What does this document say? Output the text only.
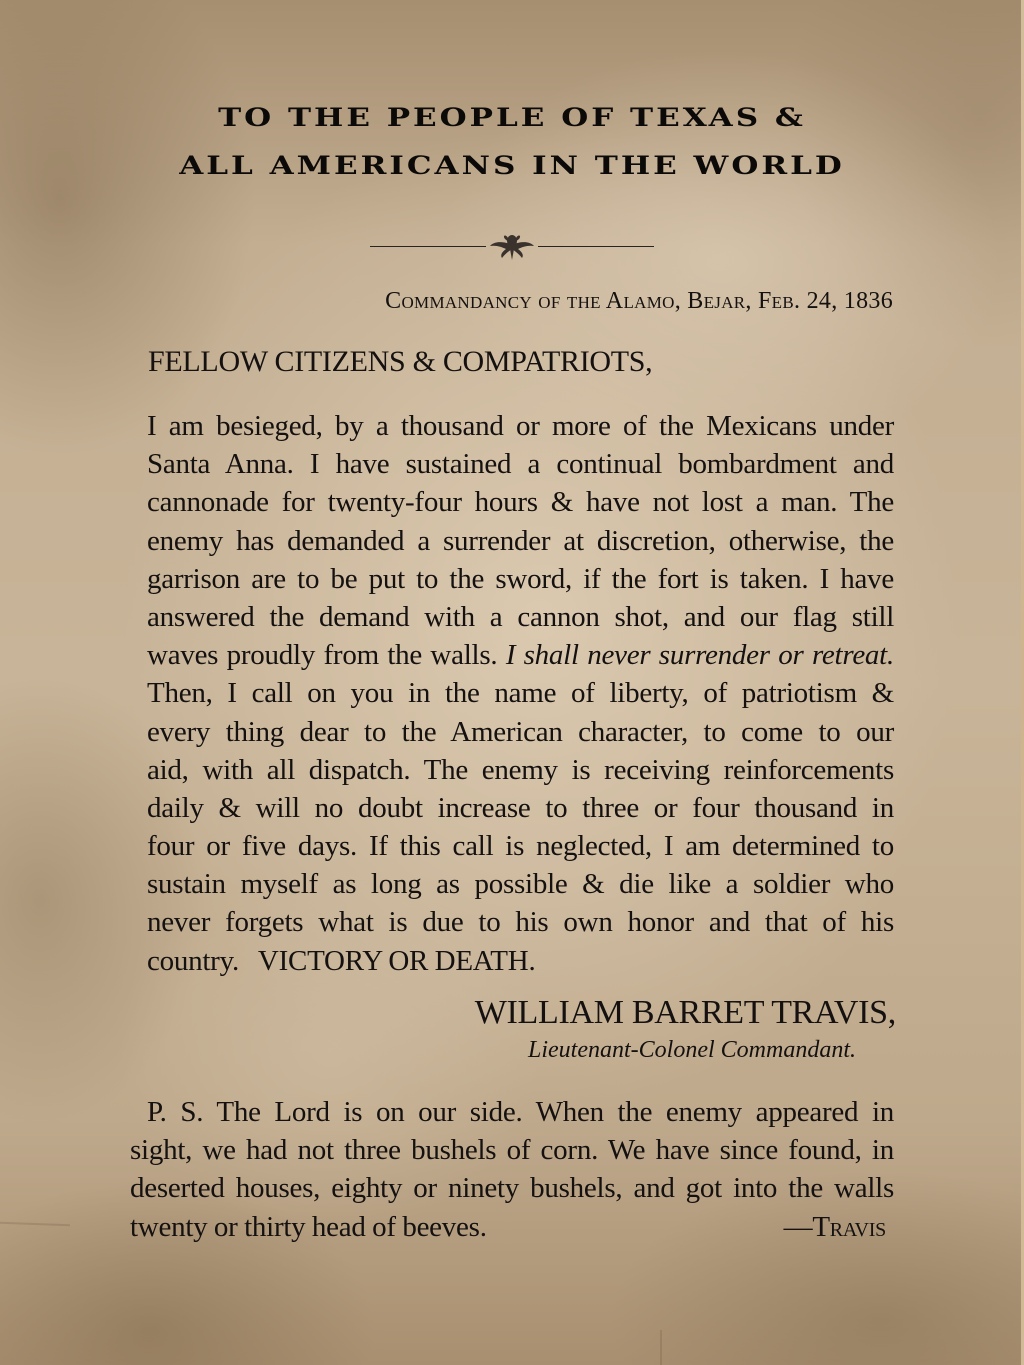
TO THE PEOPLE OF TEXAS &
ALL AMERICANS IN THE WORLD
Commandancy of the Alamo, Bejar, Feb. 24, 1836
FELLOW CITIZENS & COMPATRIOTS,
I am besieged, by a thousand or more of the Mexicans under
Santa Anna. I have sustained a continual bombardment and
cannonade for twenty-four hours & have not lost a man. The
enemy has demanded a surrender at discretion, otherwise, the
garrison are to be put to the sword, if the fort is taken. I have
answered the demand with a cannon shot, and our flag still
waves proudly from the walls. I shall never surrender or retreat.
Then, I call on you in the name of liberty, of patriotism &
every thing dear to the American character, to come to our
aid, with all dispatch. The enemy is receiving reinforcements
daily & will no doubt increase to three or four thousand in
four or five days. If this call is neglected, I am determined to
sustain myself as long as possible & die like a soldier who
never forgets what is due to his own honor and that of his
country.   VICTORY OR DEATH.
WILLIAM BARRET TRAVIS,
Lieutenant-Colonel Commandant.
P. S. The Lord is on our side. When the enemy appeared in
sight, we had not three bushels of corn. We have since found, in
deserted houses, eighty or ninety bushels, and got into the walls
twenty or thirty head of beeves.	—Travis
